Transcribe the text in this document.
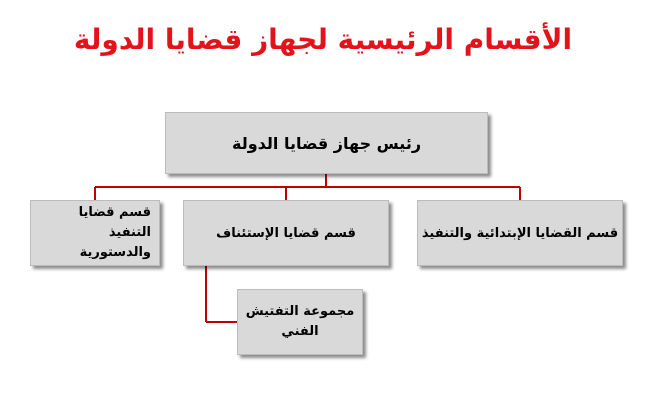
الأقسام الرئيسية لجهاز قضايا الدولة
رئيس جهاز قضايا الدولة
قسم قضايا التنفيذ والدستورية
قسم قضايا الإستئناف	قسم القضايا الإبتدائية والتنفيذ
مجموعة التفتيش الفني
